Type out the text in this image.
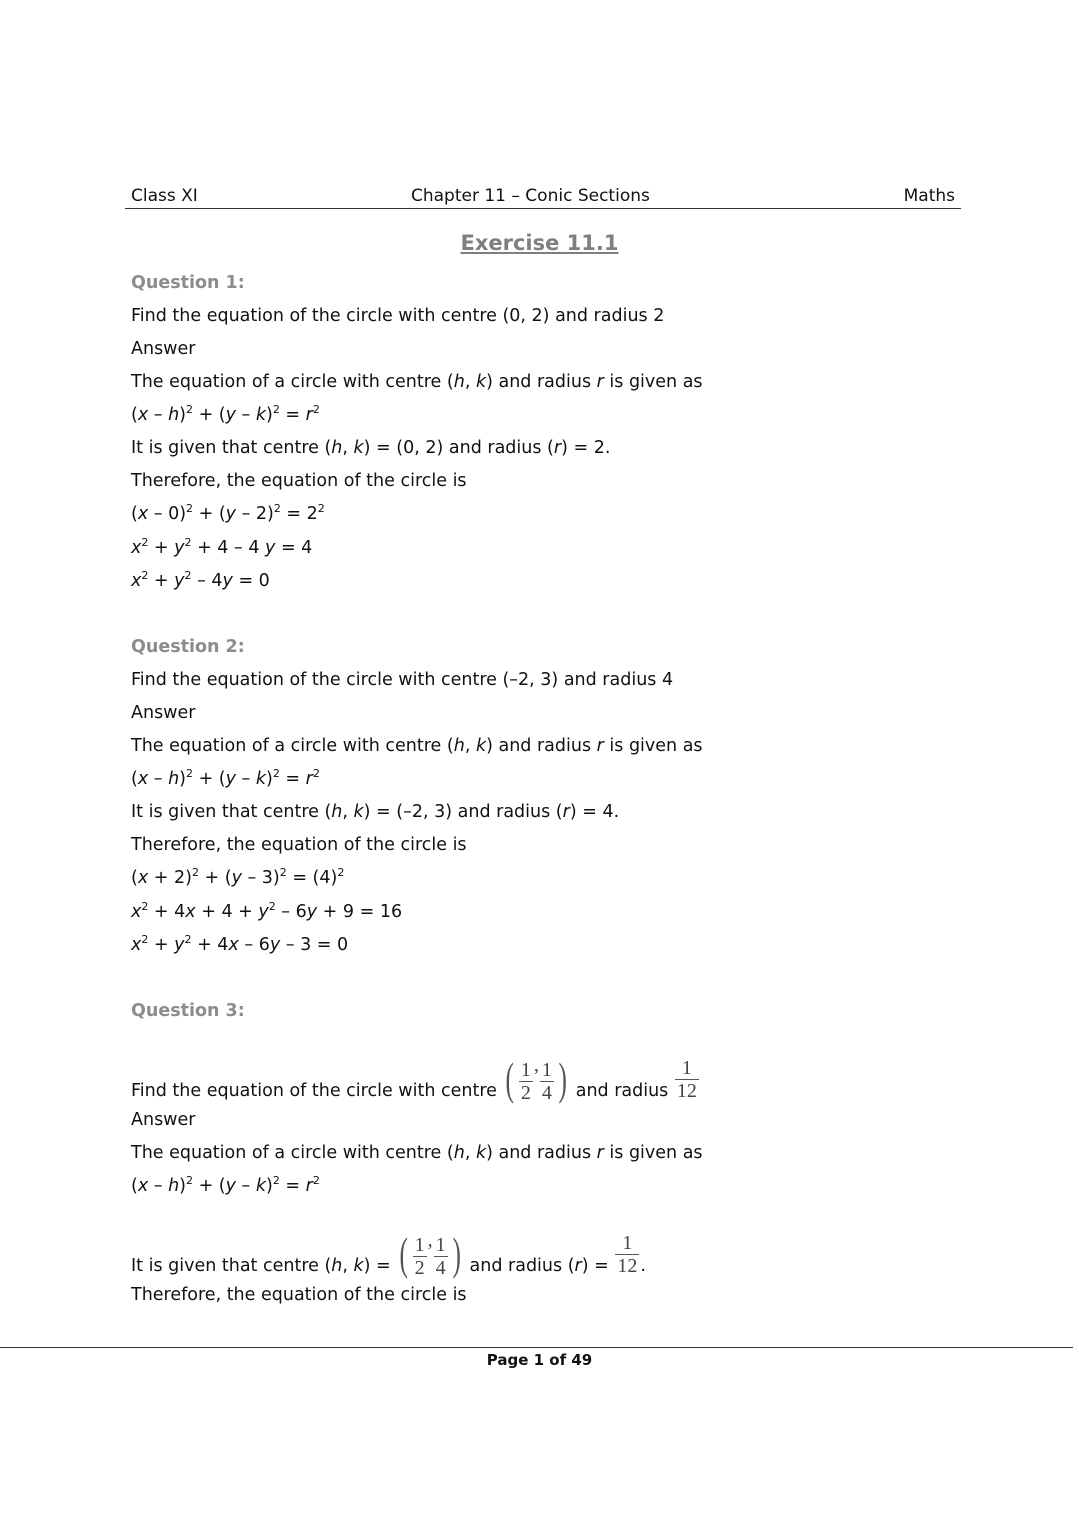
Class XI	Chapter 11 – Conic Sections	Maths
Exercise 11.1
Question 1:
Find the equation of the circle with centre (0, 2) and radius 2
Answer
The equation of a circle with centre (h, k) and radius r is given as
$(x - h)^2 + (y - k)^2 = r^2$
It is given that centre (h, k) = (0, 2) and radius (r) = 2.
Therefore, the equation of the circle is
$(x - 0)^2 + (y - 2)^2 = 2^2$
$x^2 + y^2 + 4 - 4$ y = 4
$x^2 + y^2 - 4y = 0$
Question 2:
Find the equation of the circle with centre (–2, 3) and radius 4
Answer
The equation of a circle with centre (h, k) and radius r is given as
$(x - h)^2 + (y - k)^2 = r^2$
It is given that centre (h, k) = (–2, 3) and radius (r) = 4.
Therefore, the equation of the circle is
$(x + 2)^2 + (y - 3)^2 = (4)^2$
$x^2 + 4x + 4 + y^2 - 6y + 9 = 16$
$x^2 + y^2 + 4x - 6y - 3 = 0$
Question 3:
Find the equation of the circle with centre ( $\frac{1}{2}$ , $\frac{1}{4}$ ) and radius $\frac{1}{12}$
Answer
The equation of a circle with centre (h, k) and radius r is given as
$(x - h)^2 + (y - k)^2 = r^2$
It is given that centre (h, k) = ( $\frac{1}{2}$ , $\frac{1}{4}$ ) and radius $(r) = \frac{1}{12}$ .
Therefore, the equation of the circle is
Page 1 of 49
